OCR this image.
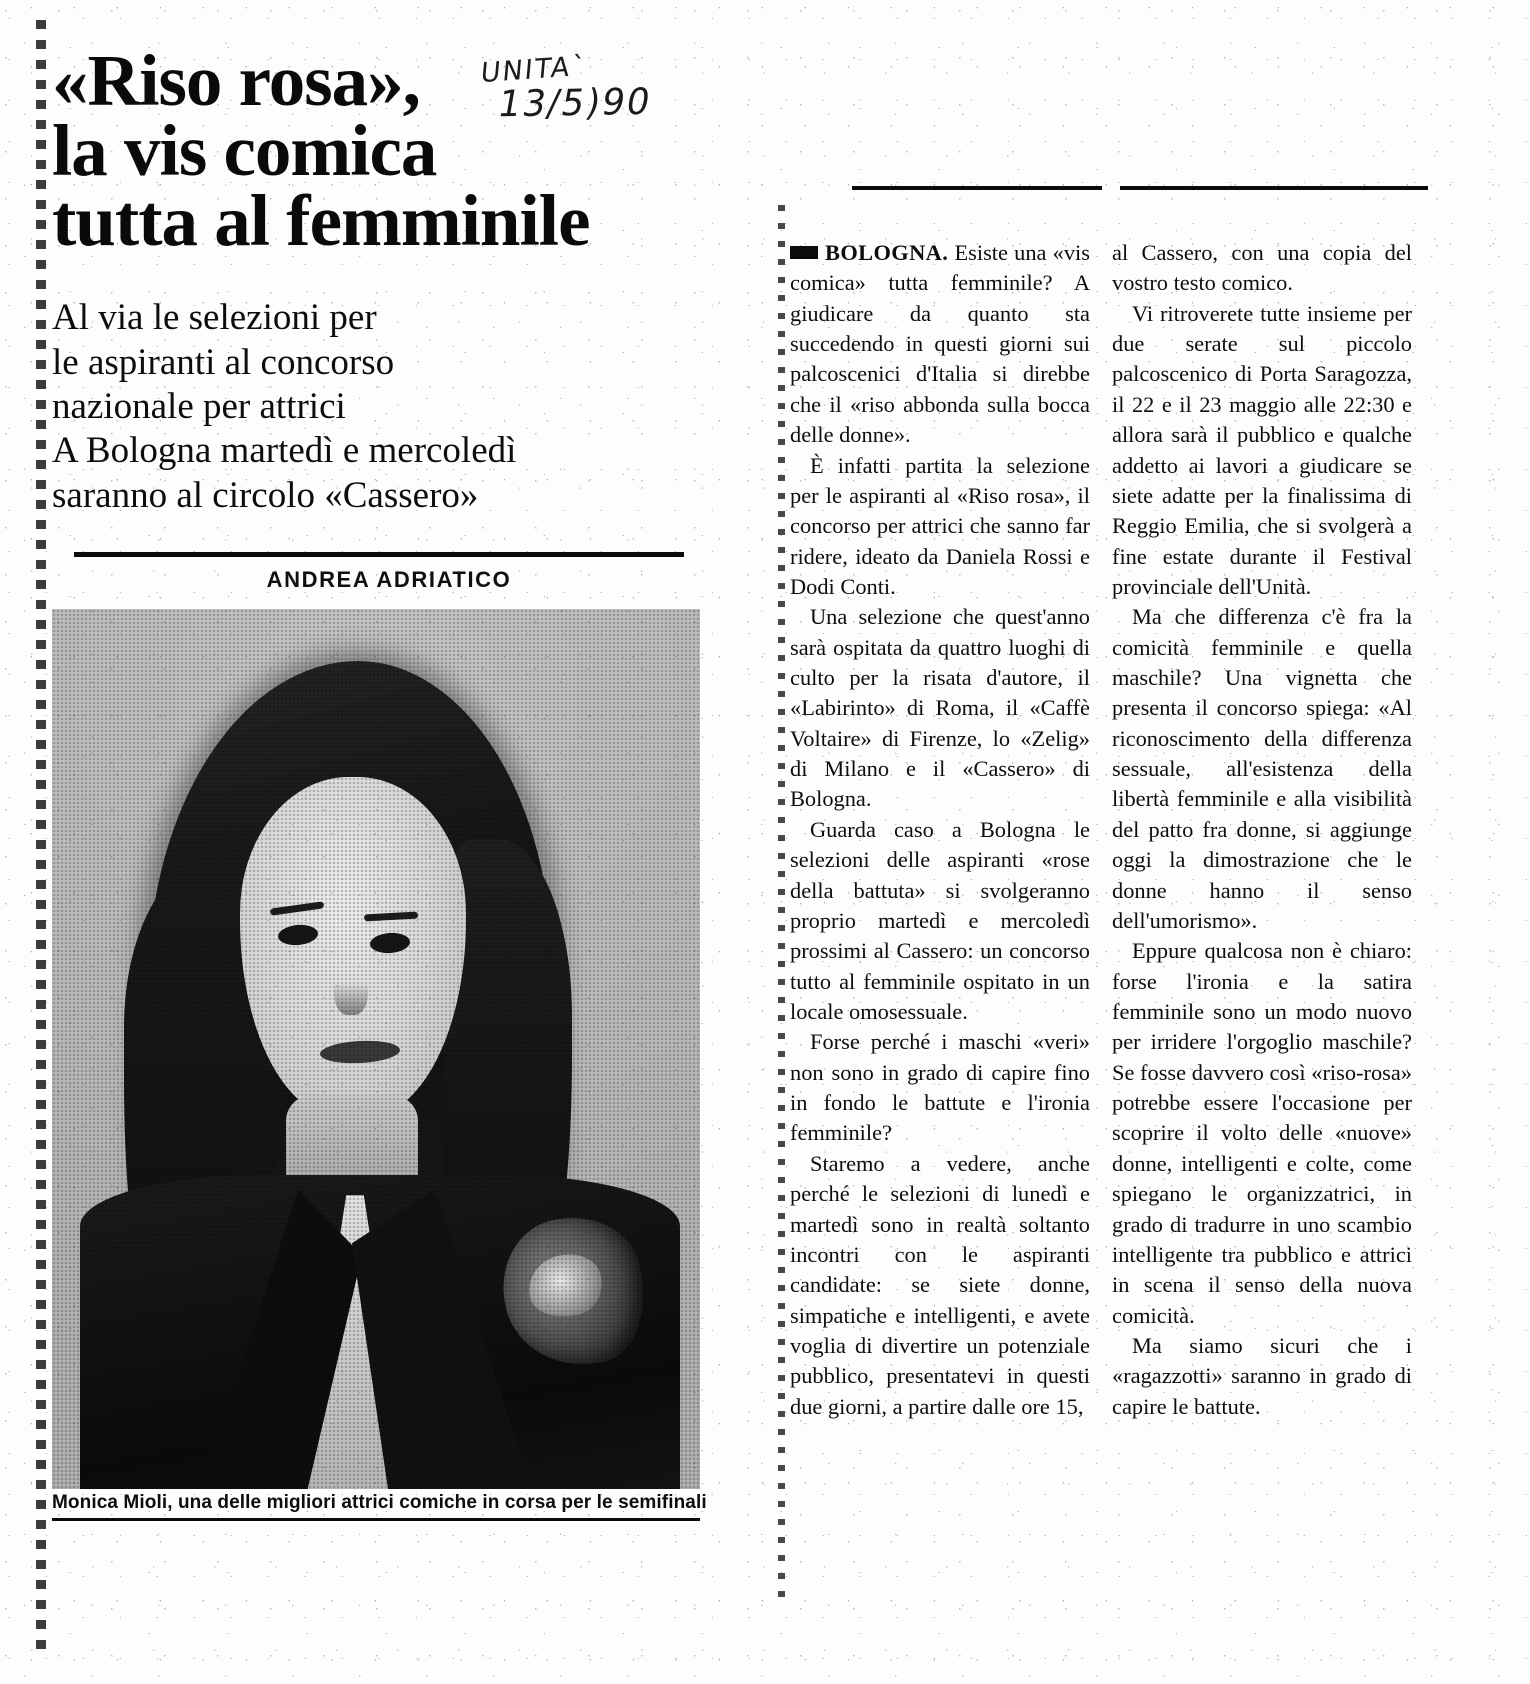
«Riso rosa»,
la vis comica
tutta al femminile
UNITA`
13/5)90
Al via le selezioni per
le aspiranti al concorso
nazionale per attrici
A Bologna martedì e mercoledì
saranno al circolo «Cassero»
ANDREA ADRIATICO
Monica Mioli, una delle migliori attrici comiche in corsa per le semifinali

BOLOGNA. Esiste una «vis comica» tutta femminile? A giudicare da quanto sta succedendo in questi giorni sui palcoscenici d'Italia si direbbe che il «riso abbonda sulla bocca delle donne».

È infatti partita la selezione per le aspiranti al «Riso rosa», il concorso per attrici che sanno far ridere, ideato da Daniela Rossi e Dodi Conti.

Una selezione che quest'anno sarà ospitata da quattro luoghi di culto per la risata d'autore, il «Labirinto» di Roma, il «Caffè Voltaire» di Firenze, lo «Zelig» di Milano e il «Cassero» di Bologna.

Guarda caso a Bologna le selezioni delle aspiranti «rose della battuta» si svolgeranno proprio martedì e mercoledì prossimi al Cassero: un concorso tutto al femminile ospitato in un locale omosessuale.

Forse perché i maschi «veri» non sono in grado di capire fino in fondo le battute e l'ironia femminile?

Staremo a vedere, anche perché le selezioni di lunedì e martedì sono in realtà soltanto incontri con le aspiranti candidate: se siete donne, simpatiche e intelligenti, e avete voglia di divertire un potenziale pubblico, presentatevi in questi due giorni, a partire dalle ore 15,

al Cassero, con una copia del vostro testo comico.

Vi ritroverete tutte insieme per due serate sul piccolo palcoscenico di Porta Saragozza, il 22 e il 23 maggio alle 22:30 e allora sarà il pubblico e qualche addetto ai lavori a giudicare se siete adatte per la finalissima di Reggio Emilia, che si svolgerà a fine estate durante il Festival provinciale dell'Unità.

Ma che differenza c'è fra la comicità femminile e quella maschile? Una vignetta che presenta il concorso spiega: «Al riconoscimento della differenza sessuale, all'esistenza della libertà femminile e alla visibilità del patto fra donne, si aggiunge oggi la dimostrazione che le donne hanno il senso dell'umorismo».

Eppure qualcosa non è chiaro: forse l'ironia e la satira femminile sono un modo nuovo per irridere l'orgoglio maschile? Se fosse davvero così «riso-rosa» potrebbe essere l'occasione per scoprire il volto delle «nuove» donne, intelligenti e colte, come spiegano le organizzatrici, in grado di tradurre in uno scambio intelligente tra pubblico e attrici in scena il senso della nuova comicità.

Ma siamo sicuri che i «ragazzotti» saranno in grado di capire le battute.
